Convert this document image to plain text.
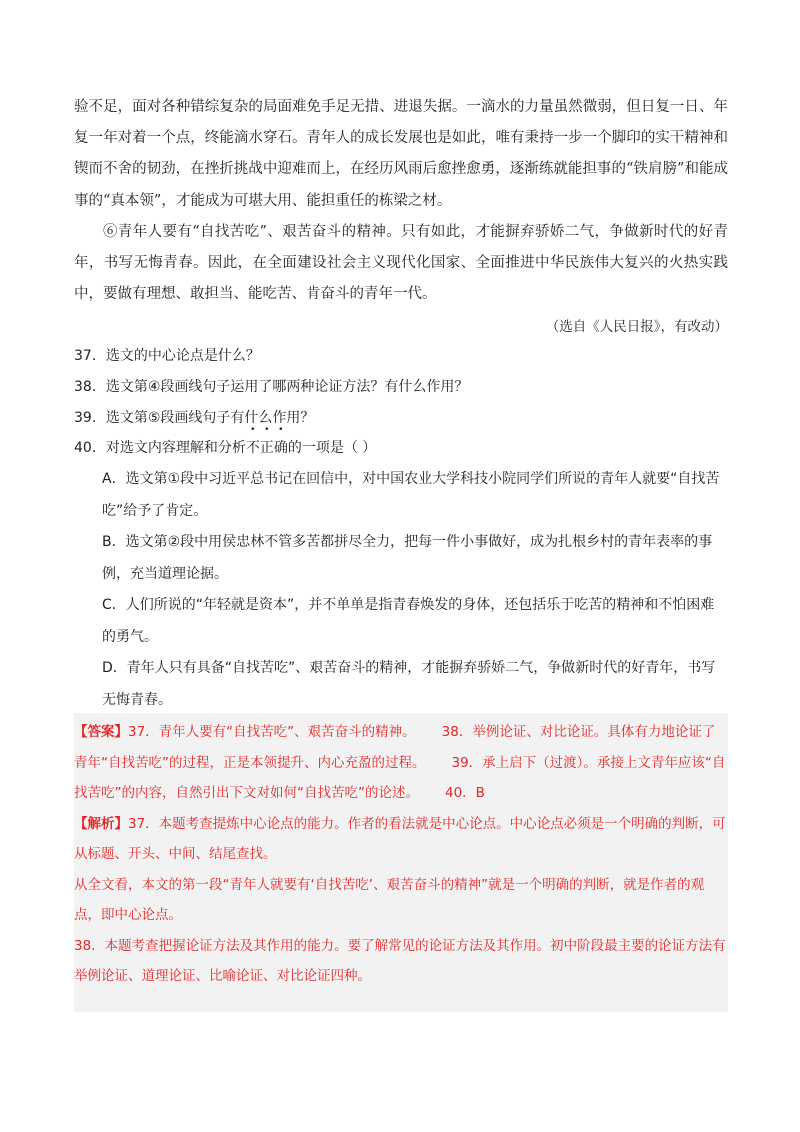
验不足，面对各种错综复杂的局面难免手足无措、进退失据。一滴水的力量虽然微弱，但日复一日、年复一年对着一个点，终能滴水穿石。青年人的成长发展也是如此，唯有秉持一步一个脚印的实干精神和锲而不舍的韧劲，在挫折挑战中迎难而上，在经历风雨后愈挫愈勇，逐渐练就能担事的“铁肩膀”和能成事的“真本领”，才能成为可堪大用、能担重任的栋梁之材。

⑥青年人要有“自找苦吃”、艰苦奋斗的精神。只有如此，才能摒弃骄娇二气，争做新时代的好青年，书写无悔青春。因此，在全面建设社会主义现代化国家、全面推进中华民族伟大复兴的火热实践中，要做有理想、敢担当、能吃苦、肯奋斗的青年一代。

（选自《人民日报》，有改动）

37．选文的中心论点是什么？

38．选文第④段画线句子运用了哪两种论证方法？有什么作用？

39．选文第⑤段画线句子有什么作用？

40．对选文内容理解和分析不正确的一项是（ ）

A．选文第①段中习近平总书记在回信中，对中国农业大学科技小院同学们所说的青年人就要“自找苦吃”给予了肯定。
B．选文第②段中用侯忠林不管多苦都拼尽全力，把每一件小事做好，成为扎根乡村的青年表率的事例，充当道理论据。
C．人们所说的“年轻就是资本”，并不单单是指青春焕发的身体，还包括乐于吃苦的精神和不怕困难的勇气。
D．青年人只有具备“自找苦吃”、艰苦奋斗的精神，才能摒弃骄娇二气，争做新时代的好青年，书写无悔青春。

【答案】37．青年人要有“自找苦吃”、艰苦奋斗的精神。 38．举例论证、对比论证。具体有力地论证了青年“自找苦吃”的过程，正是本领提升、内心充盈的过程。 39．承上启下（过渡）。承接上文青年应该“自找苦吃”的内容，自然引出下文对如何“自找苦吃”的论述。 40．B

【解析】37．本题考查提炼中心论点的能力。作者的看法就是中心论点。中心论点必须是一个明确的判断，可从标题、开头、中间、结尾查找。

从全文看，本文的第一段“青年人就要有‘自找苦吃’、艰苦奋斗的精神”就是一个明确的判断，就是作者的观点，即中心论点。

38．本题考查把握论证方法及其作用的能力。要了解常见的论证方法及其作用。初中阶段最主要的论证方法有举例论证、道理论证、比喻论证、对比论证四种。
